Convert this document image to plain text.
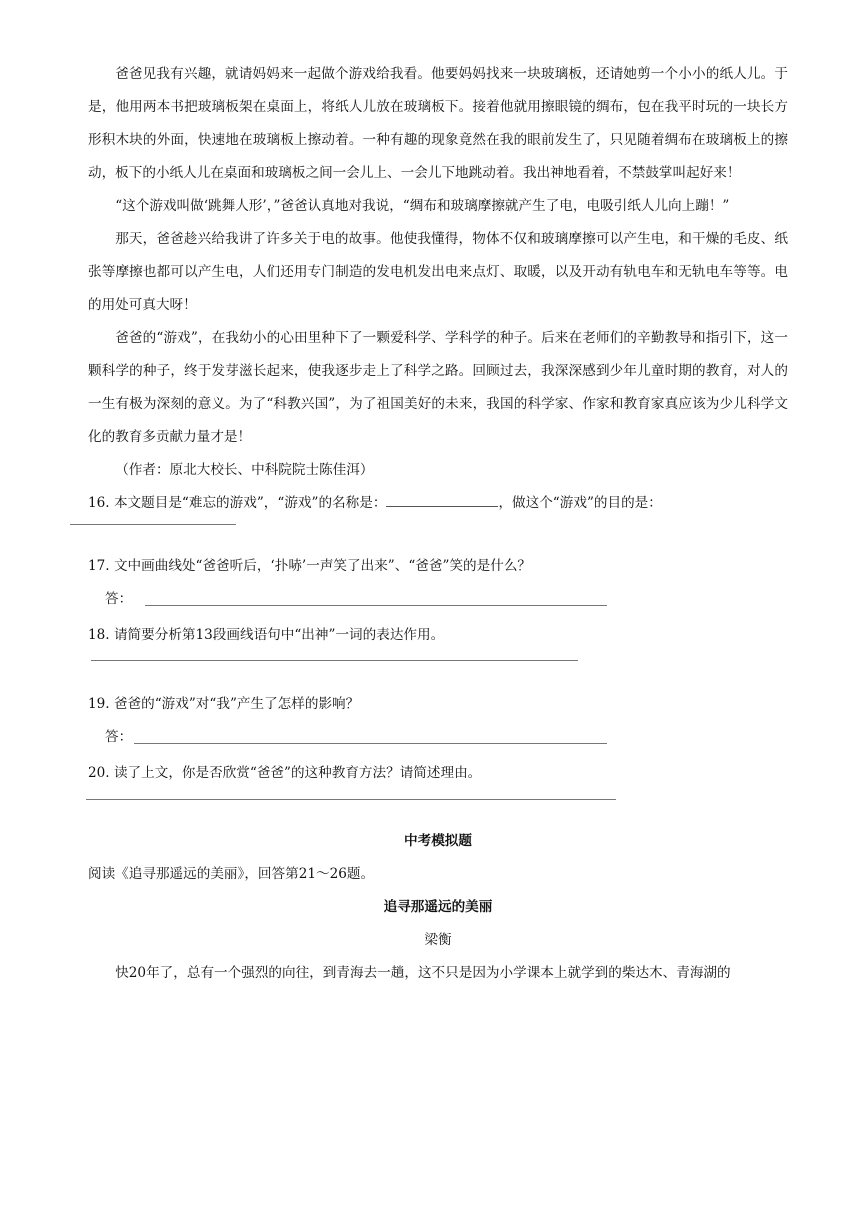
爸爸见我有兴趣，就请妈妈来一起做个游戏给我看。他要妈妈找来一块玻璃板，还请她剪一个小小的纸人儿。于是，他用两本书把玻璃板架在桌面上，将纸人儿放在玻璃板下。接着他就用擦眼镜的绸布，包在我平时玩的一块长方形积木块的外面，快速地在玻璃板上擦动着。一种有趣的现象竟然在我的眼前发生了，只见随着绸布在玻璃板上的擦动，板下的小纸人儿在桌面和玻璃板之间一会儿上、一会儿下地跳动着。我出神地看着，不禁鼓掌叫起好来！

“这个游戏叫做‘跳舞人形’，”爸爸认真地对我说，“绸布和玻璃摩擦就产生了电，电吸引纸人儿向上蹦！”

那天，爸爸趁兴给我讲了许多关于电的故事。他使我懂得，物体不仅和玻璃摩擦可以产生电，和干燥的毛皮、纸张等摩擦也都可以产生电，人们还用专门制造的发电机发出电来点灯、取暖，以及开动有轨电车和无轨电车等等。电的用处可真大呀！

爸爸的“游戏”，在我幼小的心田里种下了一颗爱科学、学科学的种子。后来在老师们的辛勤教导和指引下，这一颗科学的种子，终于发芽滋长起来，使我逐步走上了科学之路。回顾过去，我深深感到少年儿童时期的教育，对人的一生有极为深刻的意义。为了“科教兴国”，为了祖国美好的未来，我国的科学家、作家和教育家真应该为少儿科学文化的教育多贡献力量才是！

（作者：原北大校长、中科院院士陈佳洱）

16. 本文题目是“难忘的游戏”，“游戏”的名称是：	，做这个“游戏”的目的是：
17. 文中画曲线处“爸爸听后，‘扑哧’一声笑了出来”、“爸爸”笑的是什么？
答：
18. 请简要分析第13段画线语句中“出神”一词的表达作用。
19. 爸爸的“游戏”对“我”产生了怎样的影响？
答：
20. 读了上文，你是否欣赏“爸爸”的这种教育方法？请简述理由。

中考模拟题

阅读《追寻那遥远的美丽》，回答第21～26题。

追寻那遥远的美丽

梁衡

快20年了，总有一个强烈的向往，到青海去一趟，这不只是因为小学课本上就学到的柴达木、青海湖的
